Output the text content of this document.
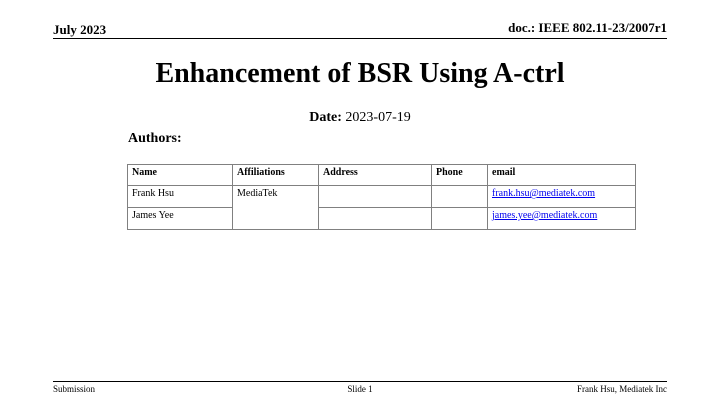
July 2023	doc.: IEEE 802.11-23/2007r1
Enhancement of BSR Using A-ctrl
Date: 2023-07-19
Authors:
Name	Affiliations	Address	Phone	email
Frank Hsu	MediaTek			frank.hsu@mediatek.com
James Yee				james.yee@mediatek.com
Submission	Slide 1	Frank Hsu, Mediatek Inc
